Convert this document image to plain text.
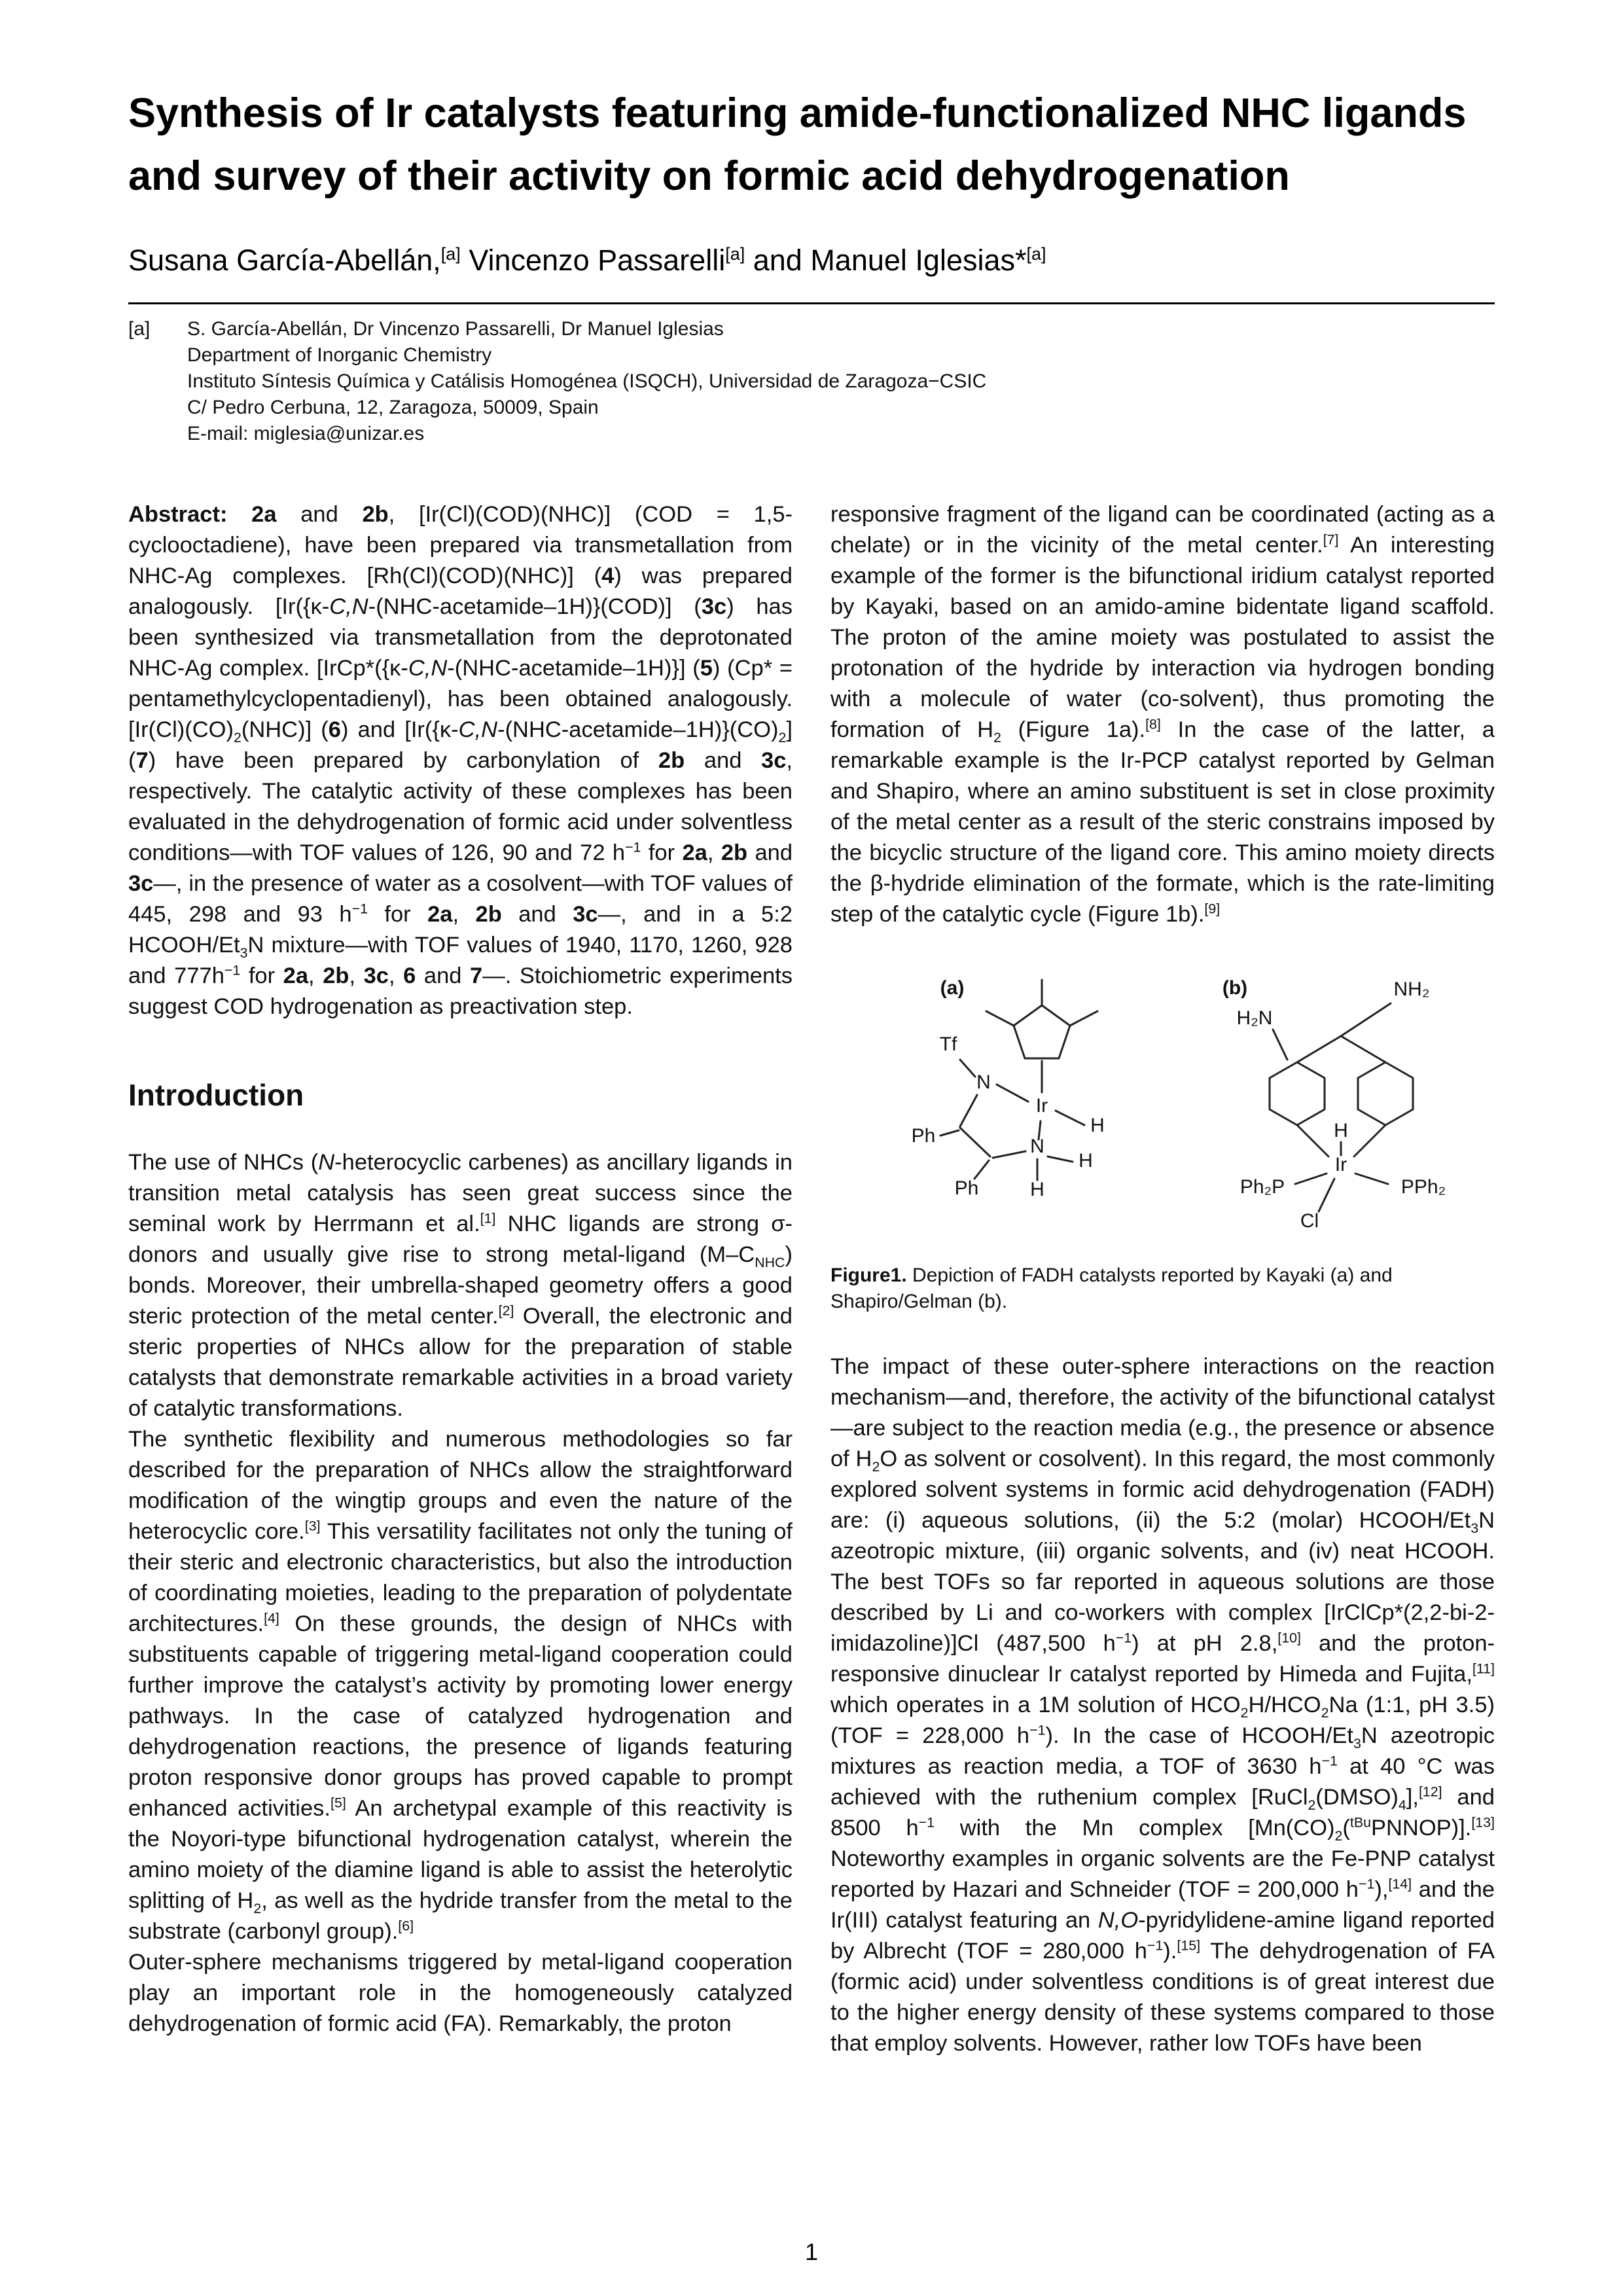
Synthesis of Ir catalysts featuring amide-functionalized NHC ligands and survey of their activity on formic acid dehydrogenation
Susana García-Abellán,[a] Vincenzo Passarelli[a] and Manuel Iglesias*[a]
[a]	S. García-Abellán, Dr Vincenzo Passarelli, Dr Manuel Iglesias
Department of Inorganic Chemistry
Instituto Síntesis Química y Catálisis Homogénea (ISQCH), Universidad de Zaragoza−CSIC
C/ Pedro Cerbuna, 12, Zaragoza, 50009, Spain
E-mail: miglesia@unizar.es

Abstract: 2a and 2b, [Ir(Cl)(COD)(NHC)] (COD = 1,5-cyclooctadiene), have been prepared via transmetallation from NHC-Ag complexes. [Rh(Cl)(COD)(NHC)] (4) was prepared analogously. [Ir({κ-C,N-(NHC-acetamide–1H)}(COD)] (3c) has been synthesized via transmetallation from the deprotonated NHC-Ag complex. [IrCp*({κ-C,N-(NHC-acetamide–1H)}] (5) (Cp* = pentamethylcyclopentadienyl), has been obtained analogously. $[Ir(Cl)(CO)_2(NHC)]$ (6) and [$Ir(\{\kappa-C,N-(NHC-acetamide-1H)\}(CO)_2]$ (7) have been prepared by carbonylation of 2b and 3c, respectively. The catalytic activity of these complexes has been evaluated in the dehydrogenation of formic acid under solventless conditions—with TOF values of 126, 90 and 72 $h^{-1}$ for 2a, 2b and 3c—, in the presence of water as a cosolvent—with TOF values of 445, 298 and 93 $h^{-1}$ for 2a, 2b and 3c—, and in a 5:2 HCOOH/$Et_3N$ mixture—with TOF values of 1940, 1170, 1260, 928 and $777h^{-1}$ for 2a, 2b, 3c, 6 and 7—. Stoichiometric experiments suggest COD hydrogenation as preactivation step.

Introduction

The use of NHCs (N-heterocyclic carbenes) as ancillary ligands in transition metal catalysis has seen great success since the seminal work by Herrmann et al.[1] NHC ligands are strong σ-donors and usually give rise to strong metal-ligand $(M-C_{NHC})$ bonds. Moreover, their umbrella-shaped geometry offers a good steric protection of the metal center.[2] Overall, the electronic and steric properties of NHCs allow for the preparation of stable catalysts that demonstrate remarkable activities in a broad variety of catalytic transformations.

The synthetic flexibility and numerous methodologies so far described for the preparation of NHCs allow the straightforward modification of the wingtip groups and even the nature of the heterocyclic core.[3] This versatility facilitates not only the tuning of their steric and electronic characteristics, but also the introduction of coordinating moieties, leading to the preparation of polydentate architectures.[4] On these grounds, the design of NHCs with substituents capable of triggering metal-ligand cooperation could further improve the catalyst’s activity by promoting lower energy pathways. In the case of catalyzed hydrogenation and dehydrogenation reactions, the presence of ligands featuring proton responsive donor groups has proved capable to prompt enhanced activities.[5] An archetypal example of this reactivity is the Noyori-type bifunctional hydrogenation catalyst, wherein the amino moiety of the diamine ligand is able to assist the heterolytic splitting of $H_2$, as well as the hydride transfer from the metal to the substrate (carbonyl group).[6]

Outer-sphere mechanisms triggered by metal-ligand cooperation play an important role in the homogeneously catalyzed dehydrogenation of formic acid (FA). Remarkably, the proton

responsive fragment of the ligand can be coordinated (acting as a chelate) or in the vicinity of the metal center.[7] An interesting example of the former is the bifunctional iridium catalyst reported by Kayaki, based on an amido-amine bidentate ligand scaffold. The proton of the amine moiety was postulated to assist the protonation of the hydride by interaction via hydrogen bonding with a molecule of water (co-solvent), thus promoting the formation of $H_2$ (Figure 1a).[8] In the case of the latter, a remarkable example is the Ir-PCP catalyst reported by Gelman and Shapiro, where an amino substituent is set in close proximity of the metal center as a result of the steric constrains imposed by the bicyclic structure of the ligand core. This amino moiety directs the β-hydride elimination of the formate, which is the rate-limiting step of the catalytic cycle (Figure 1b).[9]

(a)
Tf
N
Ph
Ph
N
Ir
H
H
H
(b)	NH₂
H₂N
Ir
H
Ph₂P	PPh₂
Cl
Figure1. Depiction of FADH catalysts reported by Kayaki (a) and Shapiro/Gelman (b).

The impact of these outer-sphere interactions on the reaction mechanism—and, therefore, the activity of the bifunctional catalyst—are subject to the reaction media (e.g., the presence or absence of $H_2O$ as solvent or cosolvent). In this regard, the most commonly explored solvent systems in formic acid dehydrogenation (FADH) are: (i) aqueous solutions, (ii) the 5:2 (molar) HCOOH/$Et_3N$ azeotropic mixture, (iii) organic solvents, and (iv) neat HCOOH. The best TOFs so far reported in aqueous solutions are those described by Li and co-workers with complex [IrClCp*(2,2-bi-2-imidazoline)]Cl (487,500 $h^{-1}$) at pH 2.8,[10] and the proton-responsive dinuclear Ir catalyst reported by Himeda and Fujita,[11] which operates in a 1M solution of $HCO_2H/HCO_2Na$ (1:1, pH 3.5) (TOF = 228,000 $h^{-1}$). In the case of HCOOH/$Et_3N$ azeotropic mixtures as reaction media, a TOF of 3630 $h^{-1}$ at 40 °C was achieved with the ruthenium complex $[RuCl_2(DMSO)_4],[12]$ and 8500 $h^{-1}$ with the Mn complex $[Mn(CO)_2(^{tBu}PNNOP)].[13]$ Noteworthy examples in organic solvents are the Fe-PNP catalyst reported by Hazari and Schneider (TOF = 200,000 $h^{-1}),[14]$ and the Ir(III) catalyst featuring an N,O-pyridylidene-amine ligand reported by Albrecht (TOF = 280,000 $h^{-1}).[15]$ The dehydrogenation of FA (formic acid) under solventless conditions is of great interest due to the higher energy density of these systems compared to those that employ solvents. However, rather low TOFs have been

1
